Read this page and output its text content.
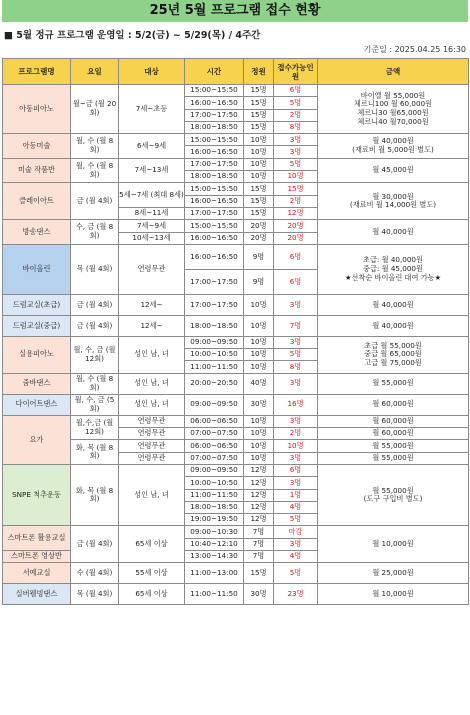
25년 5월 프로그램 접수 현황
■ 5월 정규 프로그램 운영일 : 5/2(금) ~ 5/29(목) / 4주간
기준일 : 2025.04.25 16:30
프로그램명	요일	대상	시간	정원	접수가능인원	금액
아동피아노	월~금 (월 20회)	7세~초등	15:00~15:50	15명	6명	바이엘 월 55,000원
체르니100 월 60,000원
체르니30 월65,000원
체르니40 월70,000원
			16:00~16:50	15명	5명	
			17:00~17:50	15명	2명	
			18:00~18:50	15명	8명	
아동미술	월, 수 (월 8회)	6세~9세	15:00~15:50	10명	3명	월 40,000원
(재료비 월 5,000원 별도)
			16:00~16:50	10명	3명	
미술 작품반	월, 수 (월 8회)	7세~13세	17:00~17:50	10명	5명	월 45,000원
			18:00~18:50	10명	10명	
클레이아트	금 (월 4회)	5세~7세 (최대 8세)	15:00~15:50	15명	15명	월 30,000원
(재료비 월 14,000원 별도)
			16:00~16:50	15명	2명	
		8세~11세	17:00~17:50	15명	12명	
방송댄스	수, 금 (월 8회)	7세~9세	15:00~15:50	20명	20명	월 40,000원
		10세~13세	16:00~16:50	20명	20명	
바이올린	목 (월 4회)	연령무관	16:00~16:50	9명	6명	초급: 월 40,000원
중급: 월 45,000원
★선착순 바이올린 대여 가능★
			17:00~17:50	9명	6명	
드럼교실(초급)	금 (월 4회)	12세~	17:00~17:50	10명	3명	월 40,000원
드럼교실(중급)	금 (월 4회)	12세~	18:00~18:50	10명	7명	월 40,000원
실용피아노	월, 수, 금 (월 12회)	성인 남, 녀	09:00~09:50	10명	3명	초급 월 55,000원
중급 월 65,000원
고급 월 75,000원
			10:00~10:50	10명	5명	
			11:00~11:50	10명	8명	
줌바댄스	월, 수 (월 8회)	성인 남, 녀	20:00~20:50	40명	3명	월 55,000원
다이어트댄스	월, 수, 금 (5회)	성인 남, 녀	09:00~09:50	30명	16명	월 60,000원
요가	월,수,금 (월 12회)	연령무관	06:00~06:50	10명	3명	월 60,000원
		연령무관	07:00~07:50	10명	2명	월 60,000원
	화, 목 (월 8회)	연령무관	06:00~06:50	10명	10명	월 55,000원
		연령무관	07:00~07:50	10명	3명	월 55,000원
SNPE 척추운동	화, 목 (월 8회)	성인 남, 녀	09:00~09:50	12명	6명	월 55,000원
(도구 구입비 별도)
			10:00~10:50	12명	3명	
			11:00~11:50	12명	1명	
			18:00~18:50	12명	4명	
			19:00~19:50	12명	5명	
스마트폰 활용교실	금 (월 4회)	65세 이상	09:00~10:30	7명	마감	월 10,000원
			10:40~12:10	7명	3명	
스마트폰 영상반			13:00~14:30	7명	4명	
서예교실	수 (월 4회)	55세 이상	11:00~13:00	15명	5명	월 25,000원
실버웰빙댄스	목 (월 4회)	65세 이상	11:00~11:50	30명	23명	월 10,000원
